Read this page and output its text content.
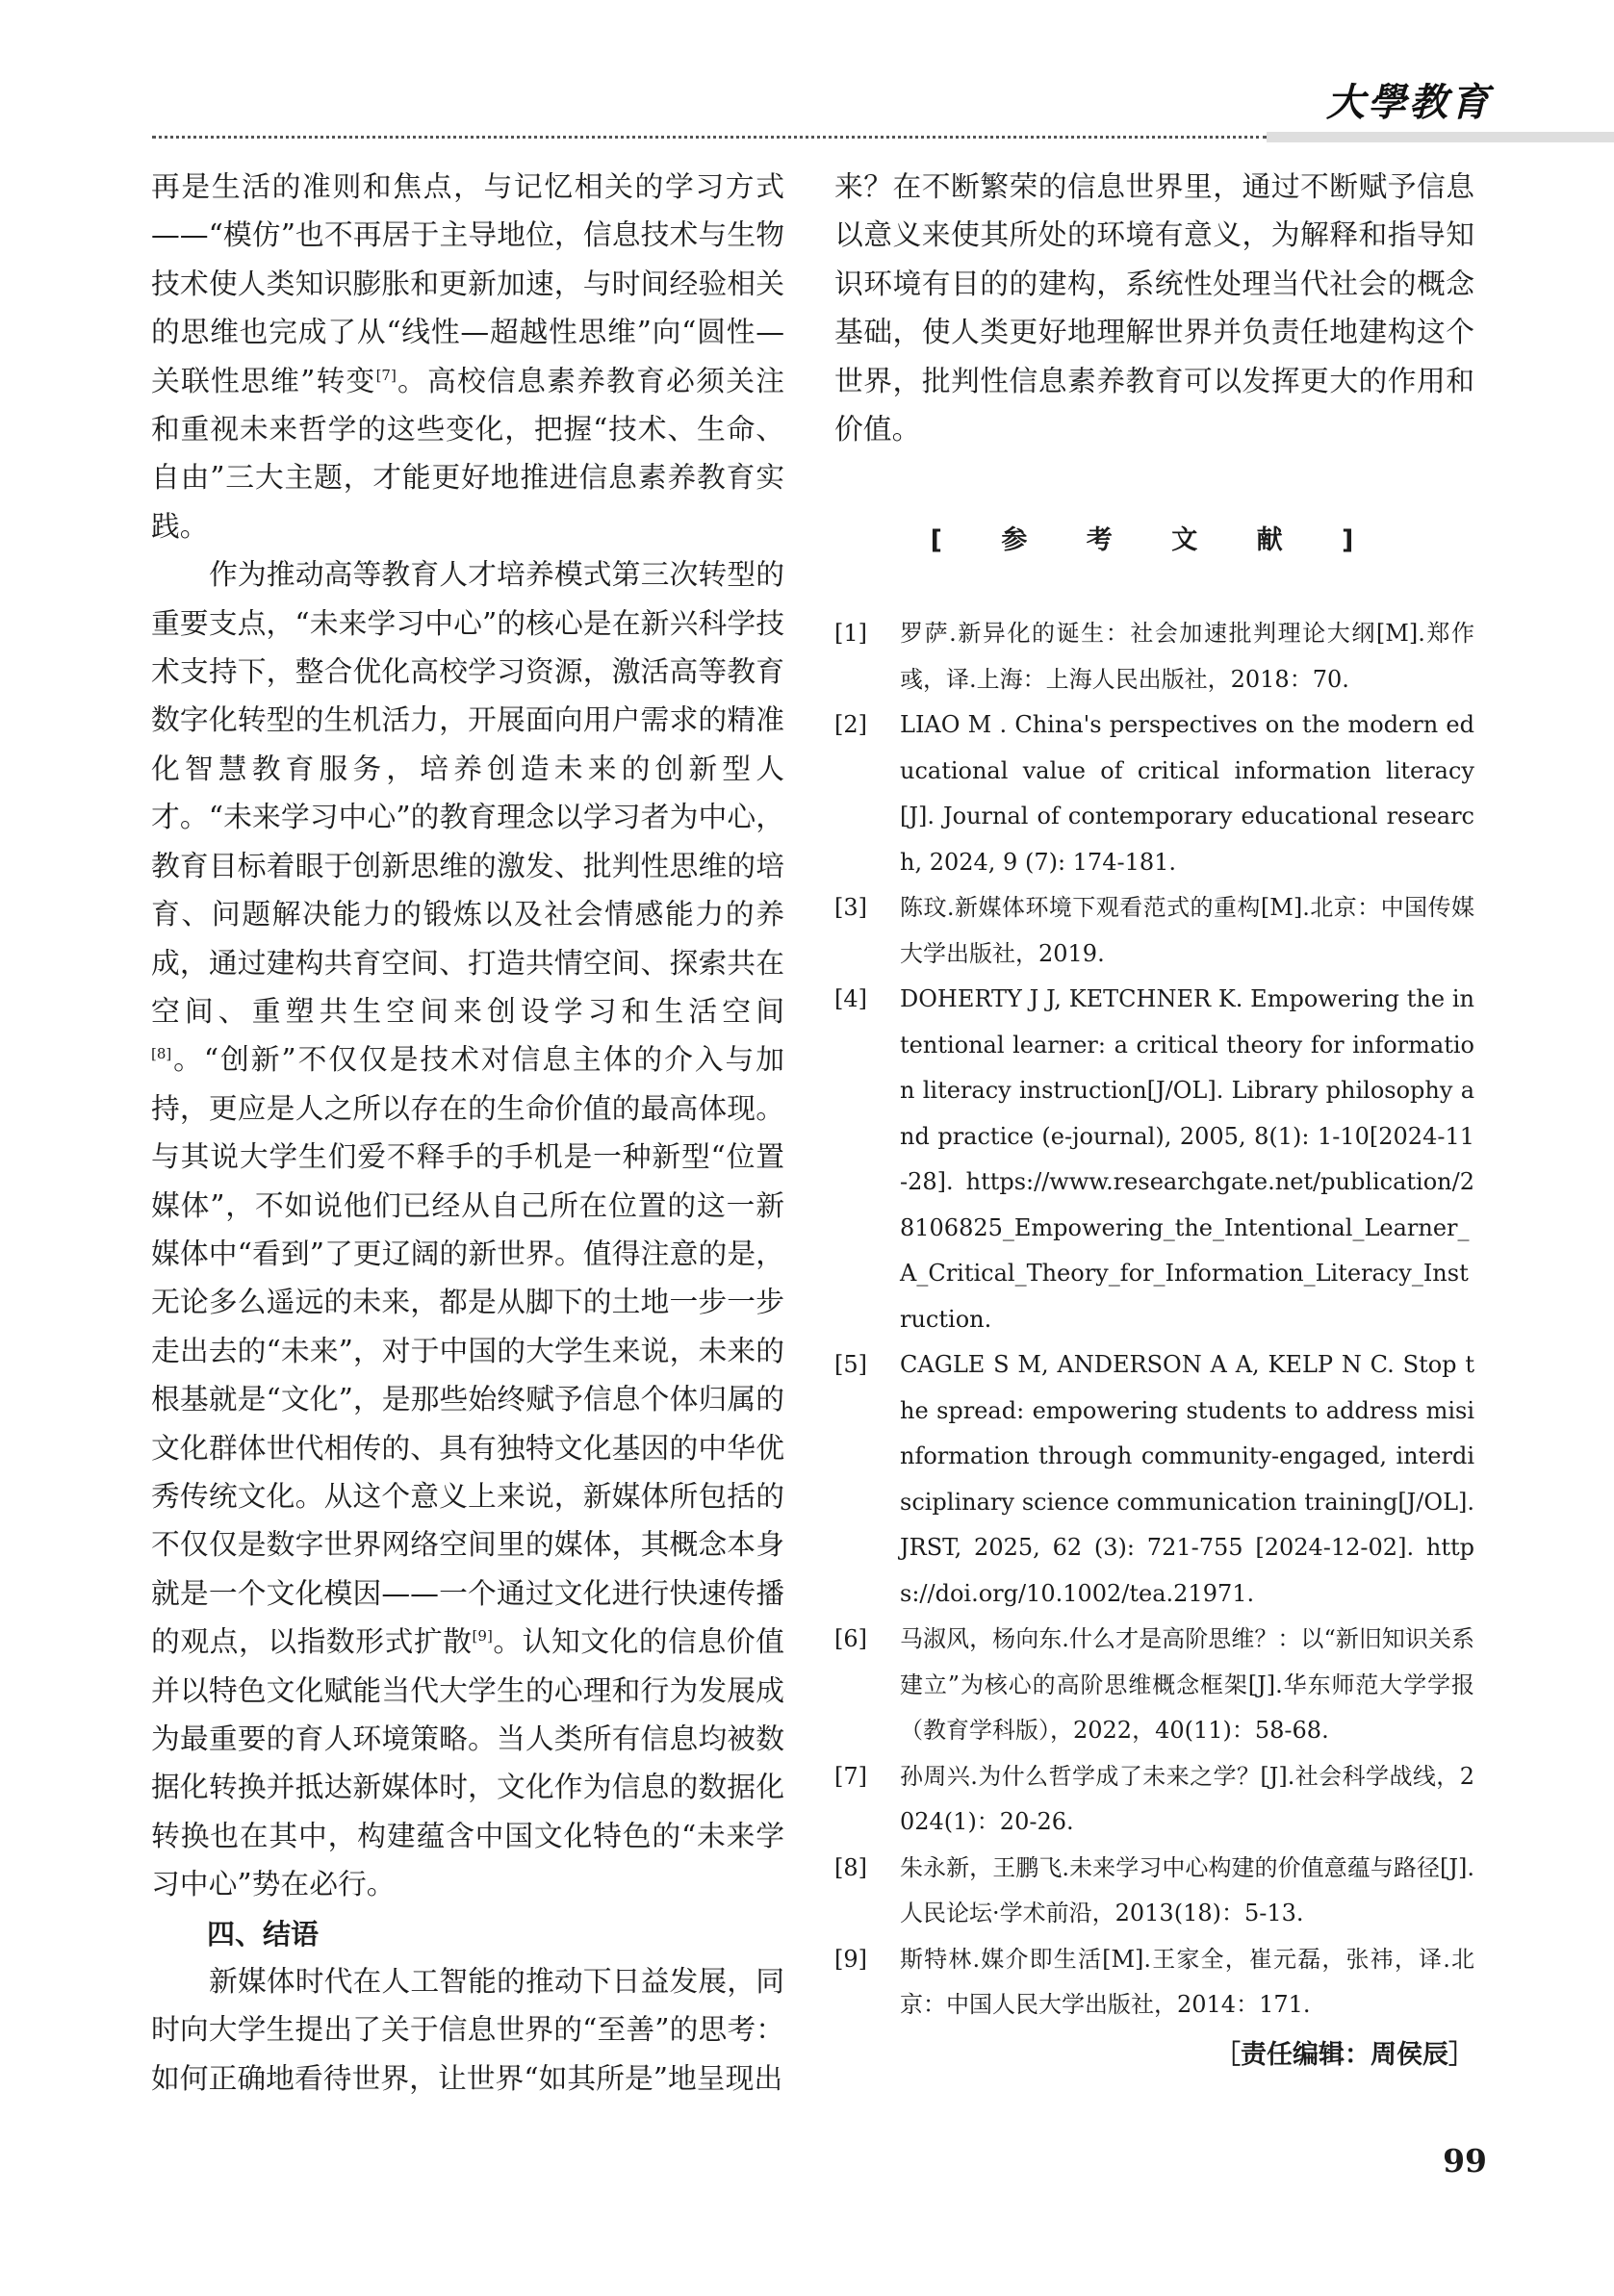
大學教育

再是生活的准则和焦点，与记忆相关的学习方式——“模仿”也不再居于主导地位，信息技术与生物技术使人类知识膨胀和更新加速，与时间经验相关的思维也完成了从“线性—超越性思维”向“圆性—关联性思维”转变[7]。高校信息素养教育必须关注和重视未来哲学的这些变化，把握“技术、生命、自由”三大主题，才能更好地推进信息素养教育实践。

作为推动高等教育人才培养模式第三次转型的重要支点，“未来学习中心”的核心是在新兴科学技术支持下，整合优化高校学习资源，激活高等教育数字化转型的生机活力，开展面向用户需求的精准化智慧教育服务，培养创造未来的创新型人才。“未来学习中心”的教育理念以学习者为中心，教育目标着眼于创新思维的激发、批判性思维的培育、问题解决能力的锻炼以及社会情感能力的养成，通过建构共育空间、打造共情空间、探索共在空间、重塑共生空间来创设学习和生活空间[8]。“创新”不仅仅是技术对信息主体的介入与加持，更应是人之所以存在的生命价值的最高体现。与其说大学生们爱不释手的手机是一种新型“位置媒体”，不如说他们已经从自己所在位置的这一新媒体中“看到”了更辽阔的新世界。值得注意的是，无论多么遥远的未来，都是从脚下的土地一步一步走出去的“未来”，对于中国的大学生来说，未来的根基就是“文化”，是那些始终赋予信息个体归属的文化群体世代相传的、具有独特文化基因的中华优秀传统文化。从这个意义上来说，新媒体所包括的不仅仅是数字世界网络空间里的媒体，其概念本身就是一个文化模因——一个通过文化进行快速传播的观点，以指数形式扩散[9]。认知文化的信息价值并以特色文化赋能当代大学生的心理和行为发展成为最重要的育人环境策略。当人类所有信息均被数据化转换并抵达新媒体时，文化作为信息的数据化转换也在其中，构建蕴含中国文化特色的“未来学习中心”势在必行。

四、结语

新媒体时代在人工智能的推动下日益发展，同时向大学生提出了关于信息世界的“至善”的思考：如何正确地看待世界，让世界“如其所是”地呈现出

来？在不断繁荣的信息世界里，通过不断赋予信息以意义来使其所处的环境有意义，为解释和指导知识环境有目的的建构，系统性处理当代社会的概念基础，使人类更好地理解世界并负责任地建构这个世界，批判性信息素养教育可以发挥更大的作用和价值。

[ 参 考 文 献 ]
[1]	罗萨.新异化的诞生：社会加速批判理论大纲[M].郑作彧，译.上海：上海人民出版社，2018：70.
[2]	LIAO M . China's perspectives on the modern educational value of critical information literacy [J]. Journal of contemporary educational research, 2024, 9 (7): 174-181.
[3]	陈玟.新媒体环境下观看范式的重构[M].北京：中国传媒大学出版社，2019.
[4]	DOHERTY J J, KETCHNER K. Empowering the intentional learner: a critical theory for information literacy instruction[J/OL]. Library philosophy and practice (e-journal), 2005, 8(1): 1-10[2024-11-28]. https://www.researchgate.net/publication/28106825_Empowering_the_Intentional_Learner_A_Critical_Theory_for_Information_Literacy_Instruction.
[5]	CAGLE S M, ANDERSON A A, KELP N C. Stop the spread: empowering students to address misinformation through community-engaged, interdisciplinary science communication training[J/OL]. JRST, 2025, 62 (3): 721-755 [2024-12-02]. https://doi.org/10.1002/tea.21971.
[6]	马淑风，杨向东.什么才是高阶思维？：以“新旧知识关系建立”为核心的高阶思维概念框架[J].华东师范大学学报（教育学科版），2022，40(11)：58-68.
[7]	孙周兴.为什么哲学成了未来之学？[J].社会科学战线，2024(1)：20-26.
[8]	朱永新，王鹏飞.未来学习中心构建的价值意蕴与路径[J].人民论坛·学术前沿，2013(18)：5-13.
[9]	斯特林.媒介即生活[M].王家全，崔元磊，张祎，译.北京：中国人民大学出版社，2014：171.
［责任编辑：周侯辰］
99
